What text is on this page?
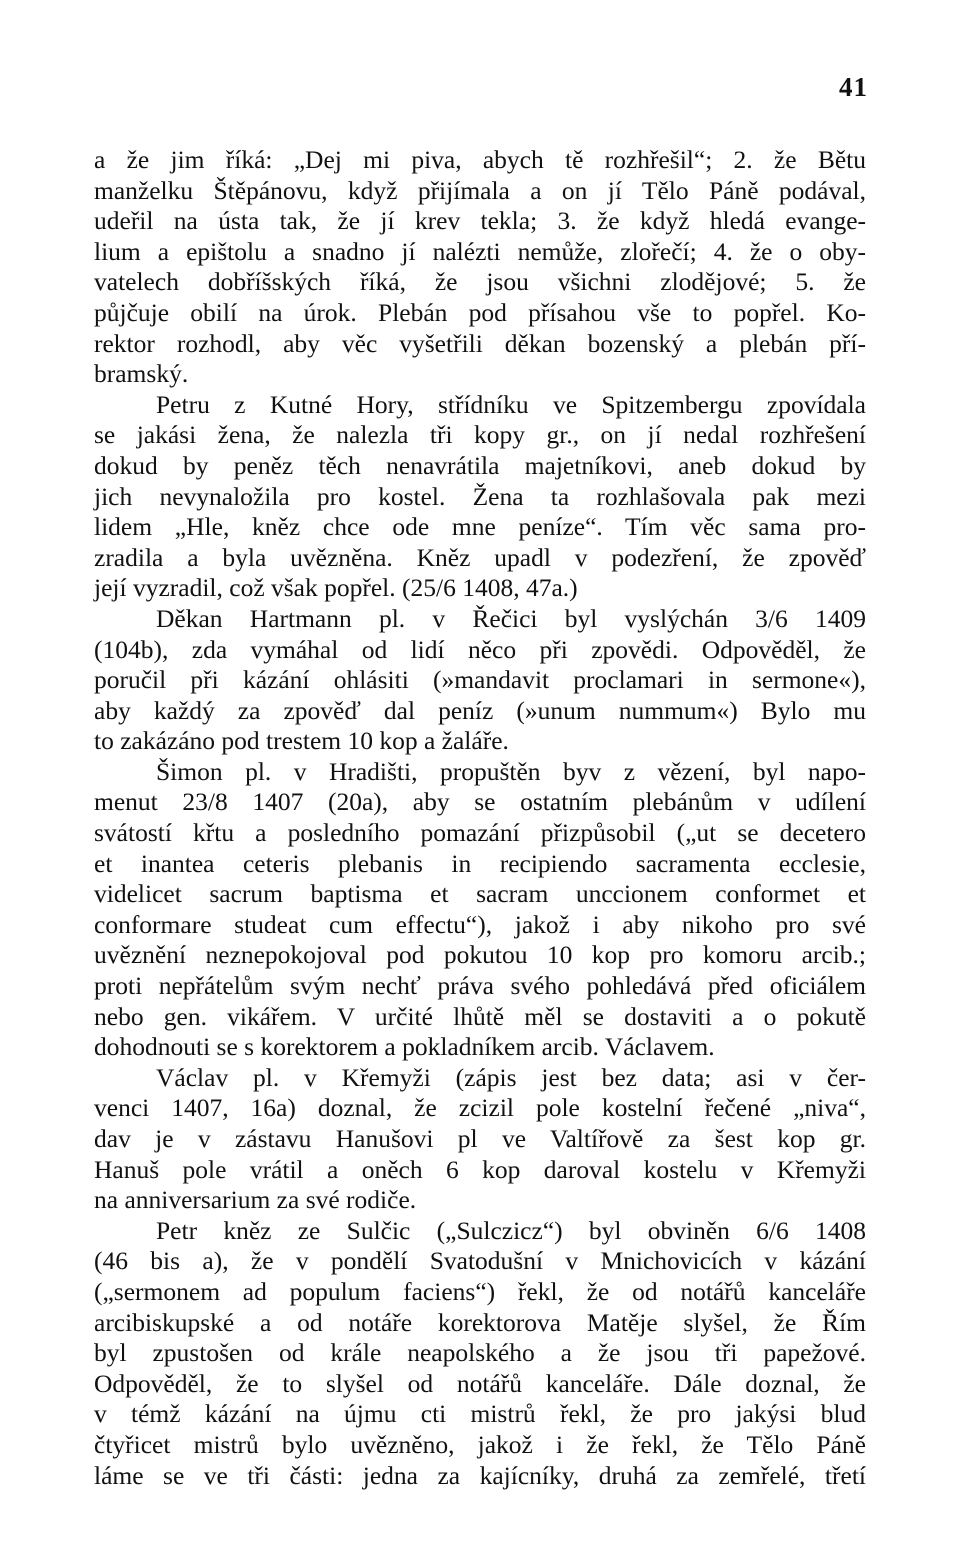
41
a že jim říká: „Dej mi piva, abych tě rozhřešil“; 2. že Bětu
manželku Štěpánovu, když přijímala a on jí Tělo Páně podával,
udeřil na ústa tak, že jí krev tekla; 3. že když hledá evange-
lium a epištolu a snadno jí nalézti nemůže, zlořečí; 4. že o oby-
vatelech dobříšských říká, že jsou všichni zlodějové; 5. že
půjčuje obilí na úrok. Plebán pod přísahou vše to popřel. Ko-
rektor rozhodl, aby věc vyšetřili děkan bozenský a plebán pří-
bramský.
Petru z Kutné Hory, střídníku ve Spitzembergu zpovídala
se jakási žena, že nalezla tři kopy gr., on jí nedal rozhřešení
dokud by peněz těch nenavrátila majetníkovi, aneb dokud by
jich nevynaložila pro kostel. Žena ta rozhlašovala pak mezi
lidem „Hle, kněz chce ode mne peníze“. Tím věc sama pro-
zradila a byla uvězněna. Kněz upadl v podezření, že zpověď
její vyzradil, což však popřel. (25/6 1408, 47a.)
Děkan Hartmann pl. v Řečici byl vyslýchán 3/6 1409
(104b), zda vymáhal od lidí něco při zpovědi. Odpověděl, že
poručil při kázání ohlásiti (»mandavit proclamari in sermone«),
aby každý za zpověď dal peníz (»unum nummum«) Bylo mu
to zakázáno pod trestem 10 kop a žaláře.
Šimon pl. v Hradišti, propuštěn byv z vězení, byl napo-
menut 23/8 1407 (20a), aby se ostatním plebánům v udílení
svátostí křtu a posledního pomazání přizpůsobil („ut se decetero
et inantea ceteris plebanis in recipiendo sacramenta ecclesie,
videlicet sacrum baptisma et sacram unccionem conformet et
conformare studeat cum effectu“), jakož i aby nikoho pro své
uvěznění neznepokojoval pod pokutou 10 kop pro komoru arcib.;
proti nepřátelům svým nechť práva svého pohledává před oficiálem
nebo gen. vikářem. V určité lhůtě měl se dostaviti a o pokutě
dohodnouti se s korektorem a pokladníkem arcib. Václavem.
Václav pl. v Křemyži (zápis jest bez data; asi v čer-
venci 1407, 16a) doznal, že zcizil pole kostelní řečené „niva“,
dav je v zástavu Hanušovi pl ve Valtířově za šest kop gr.
Hanuš pole vrátil a oněch 6 kop daroval kostelu v Křemyži
na anniversarium za své rodiče.
Petr kněz ze Sulčic („Sulczicz“) byl obviněn 6/6 1408
(46 bis a), že v pondělí Svatodušní v Mnichovicích v kázání
(„sermonem ad populum faciens“) řekl, že od notářů kanceláře
arcibiskupské a od notáře korektorova Matěje slyšel, že Řím
byl zpustošen od krále neapolského a že jsou tři papežové.
Odpověděl, že to slyšel od notářů kanceláře. Dále doznal, že
v témž kázání na újmu cti mistrů řekl, že pro jakýsi blud
čtyřicet mistrů bylo uvězněno, jakož i že řekl, že Tělo Páně
láme se ve tři části: jedna za kajícníky, druhá za zemřelé, třetí
